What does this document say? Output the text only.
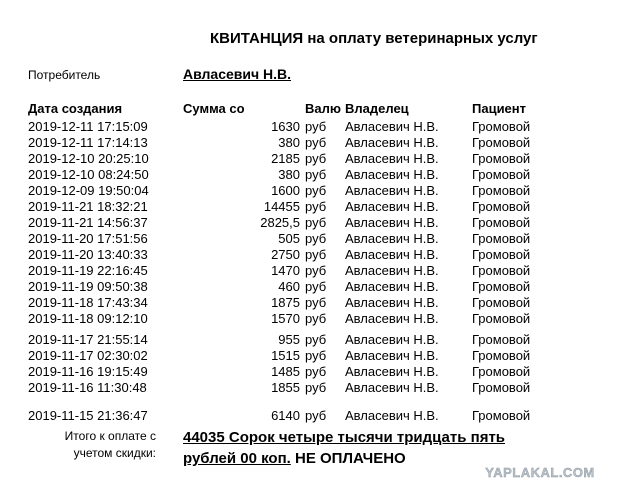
КВИТАНЦИЯ на оплату ветеринарных услуг
Потребитель	Авласевич Н.В.
Дата создания	Сумма со	Валю Владелец	Пациент
2019-12-11 17:15:09	1630 руб Авласевич Н.В.	Громовой
2019-12-11 17:14:13	380 руб Авласевич Н.В.	Громовой
2019-12-10 20:25:10	2185 руб Авласевич Н.В.	Громовой
2019-12-10 08:24:50	380 руб Авласевич Н.В.	Громовой
2019-12-09 19:50:04	1600 руб Авласевич Н.В.	Громовой
2019-11-21 18:32:21	14455 руб Авласевич Н.В.	Громовой
2019-11-21 14:56:37	2825,5 руб Авласевич Н.В.	Громовой
2019-11-20 17:51:56	505 руб Авласевич Н.В.	Громовой
2019-11-20 13:40:33	2750 руб Авласевич Н.В.	Громовой
2019-11-19 22:16:45	1470 руб Авласевич Н.В.	Громовой
2019-11-19 09:50:38	460 руб Авласевич Н.В.	Громовой
2019-11-18 17:43:34	1875 руб Авласевич Н.В.	Громовой
2019-11-18 09:12:10	1570 руб Авласевич Н.В.	Громовой
2019-11-17 21:55:14	955 руб Авласевич Н.В.	Громовой
2019-11-17 02:30:02	1515 руб Авласевич Н.В.	Громовой
2019-11-16 19:15:49	1485 руб Авласевич Н.В.	Громовой
2019-11-16 11:30:48	1855 руб Авласевич Н.В.	Громовой
2019-11-15 21:36:47	6140 руб Авласевич Н.В.	Громовой
Итого к оплате с учетом скидки:
44035 Сорок четыре тысячи тридцать пять
рублей 00 коп. НЕ ОПЛАЧЕНО
YAPLAKAL.COM
